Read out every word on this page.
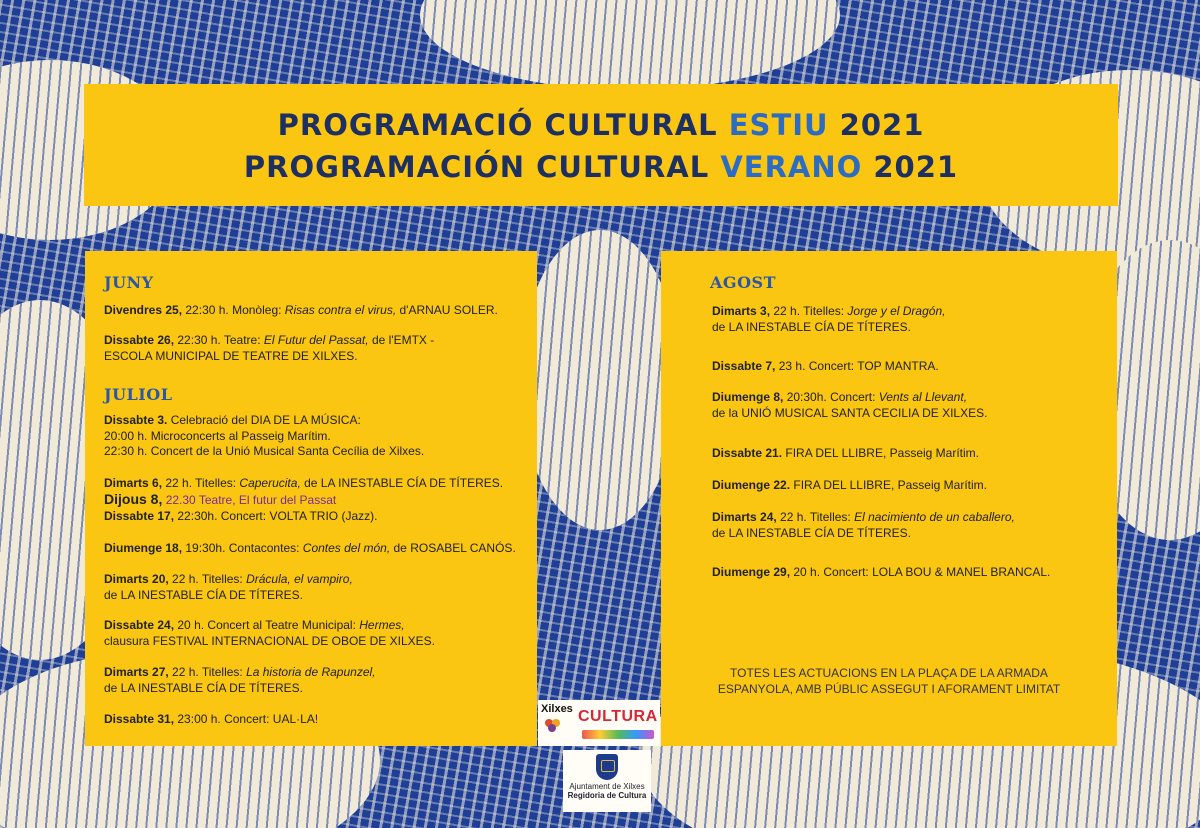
PROGRAMACIÓ CULTURAL ESTIU 2021
PROGRAMACIÓN CULTURAL VERANO 2021
JUNY
Divendres 25, 22:30 h. Monòleg: Risas contra el virus, d'ARNAU SOLER.
Dissabte 26, 22:30 h. Teatre: El Futur del Passat, de l'EMTX -
ESCOLA MUNICIPAL DE TEATRE DE XILXES.
JULIOL
Dissabte 3. Celebració del DIA DE LA MÚSICA:
20:00 h. Microconcerts al Passeig Marítim.
22:30 h. Concert de la Unió Musical Santa Cecília de Xilxes.
Dimarts 6, 22 h. Titelles: Caperucita, de LA INESTABLE CÍA DE TÍTERES.
Dijous 8, 22.30 Teatre, El futur del Passat
Dissabte 17, 22:30h. Concert: VOLTA TRIO (Jazz).
Diumenge 18, 19:30h. Contacontes: Contes del món, de ROSABEL CANÓS.
Dimarts 20, 22 h. Titelles: Drácula, el vampiro,
de LA INESTABLE CÍA DE TÍTERES.
Dissabte 24, 20 h. Concert al Teatre Municipal: Hermes,
clausura FESTIVAL INTERNACIONAL DE OBOE DE XILXES.
Dimarts 27, 22 h. Titelles: La historia de Rapunzel,
de LA INESTABLE CÍA DE TÍTERES.
Dissabte 31, 23:00 h. Concert: UAL·LA!
AGOST
Dimarts 3, 22 h. Titelles: Jorge y el Dragón,
de LA INESTABLE CÍA DE TÍTERES.
Dissabte 7, 23 h. Concert: TOP MANTRA.
Diumenge 8, 20:30h. Concert: Vents al Llevant,
de la UNIÓ MUSICAL SANTA CECILIA DE XILXES.
Dissabte 21. FIRA DEL LLIBRE, Passeig Marítim.
Diumenge 22. FIRA DEL LLIBRE, Passeig Marítim.
Dimarts 24, 22 h. Titelles: El nacimiento de un caballero,
de LA INESTABLE CÍA DE TÍTERES.
Diumenge 29, 20 h. Concert: LOLA BOU & MANEL BRANCAL.
TOTES LES ACTUACIONS EN LA PLAÇA DE LA ARMADA
ESPANYOLA, AMB PÚBLIC ASSEGUT I AFORAMENT LIMITAT
Xilxes CULTURA
Ajuntament de Xilxes
Regidoria de Cultura
